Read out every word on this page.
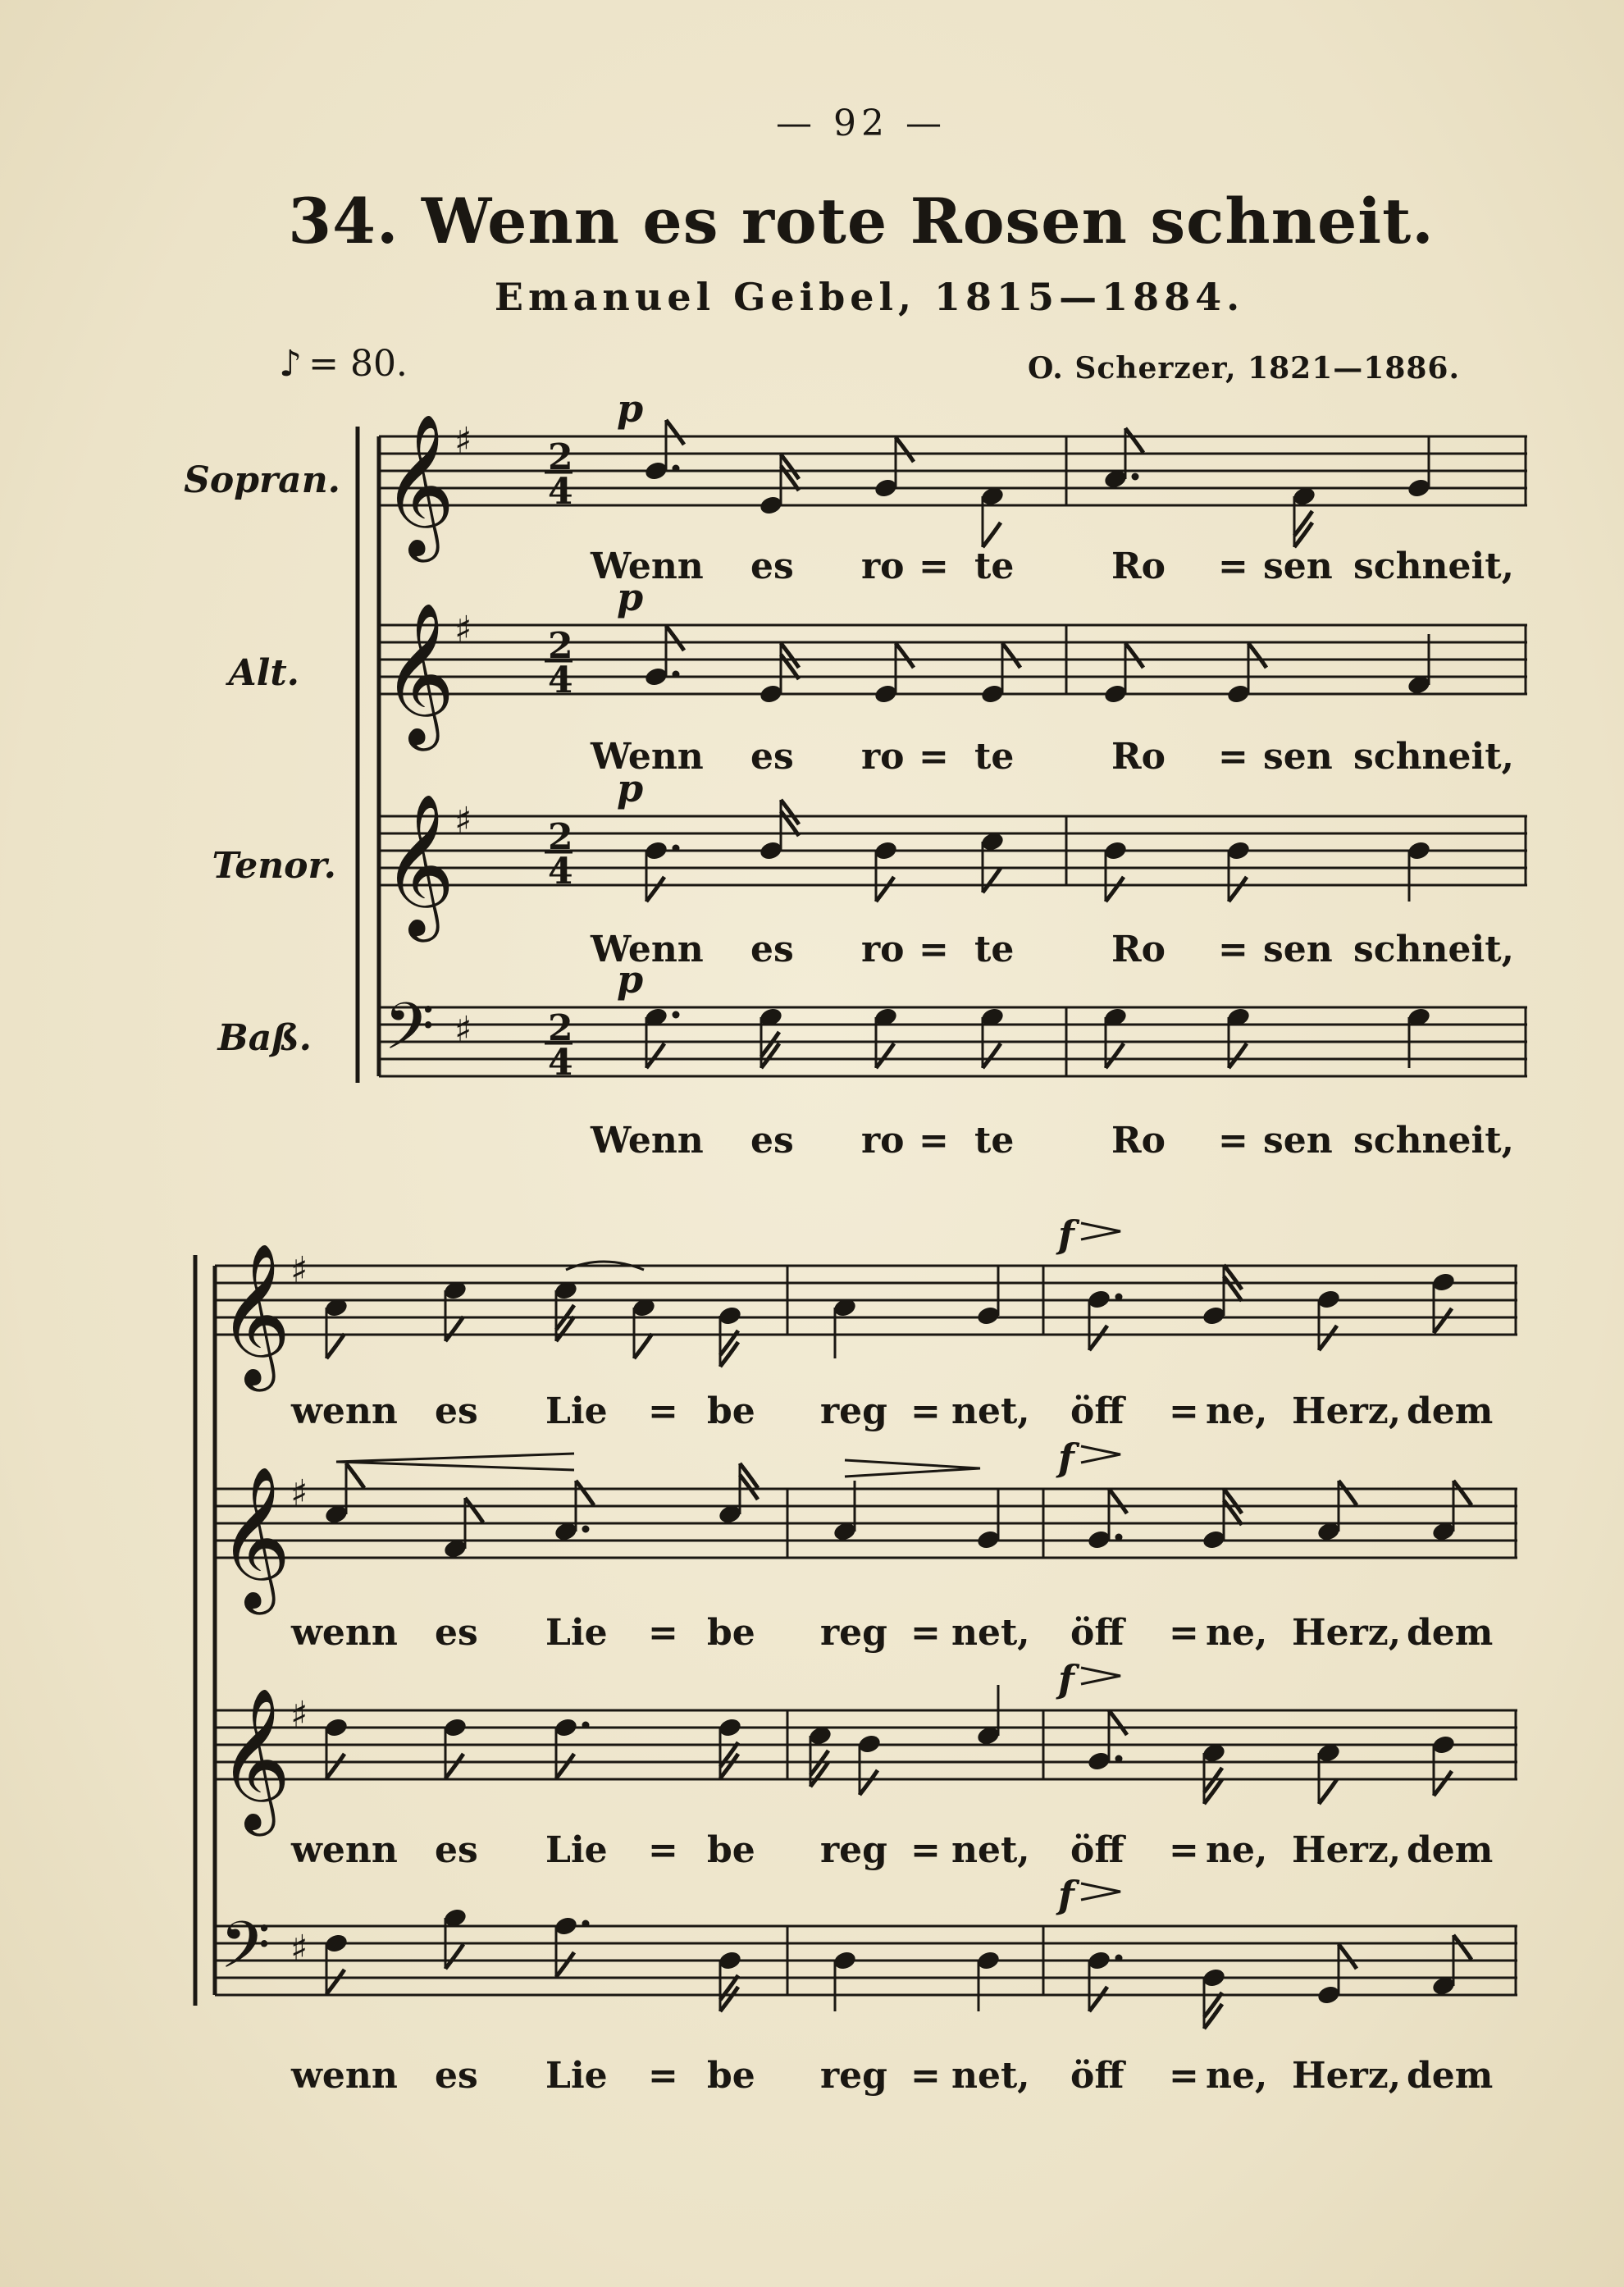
— 92 —
34. Wenn es rote Rosen schneit.
Emanuel Geibel, 1815—1884.
♪ = 80.	O. Scherzer, 1821—1886.
Sopran.
Alt.
Tenor.
Baß.
𝄞 ♯ 2
4
p
𝄞 ♯ 2
4
p
𝄞 ♯ 2
4
p
𝄢 ♯ 2
4
p
𝄞 ♯
𝄞 ♯
𝄞 ♯
𝄢 ♯
f
f
f
f
Wenn es ro = te	Ro = sen schneit,
Wenn es ro = te	Ro = sen schneit,
Wenn es ro = te	Ro = sen schneit,
Wenn es ro = te	Ro = sen schneit,
wenn es Lie = be reg = net, öff = ne, Herz, dem
wenn es Lie = be reg = net, öff = ne, Herz, dem
wenn es Lie = be reg = net, öff = ne, Herz, dem
wenn es Lie = be reg = net, öff = ne, Herz, dem
